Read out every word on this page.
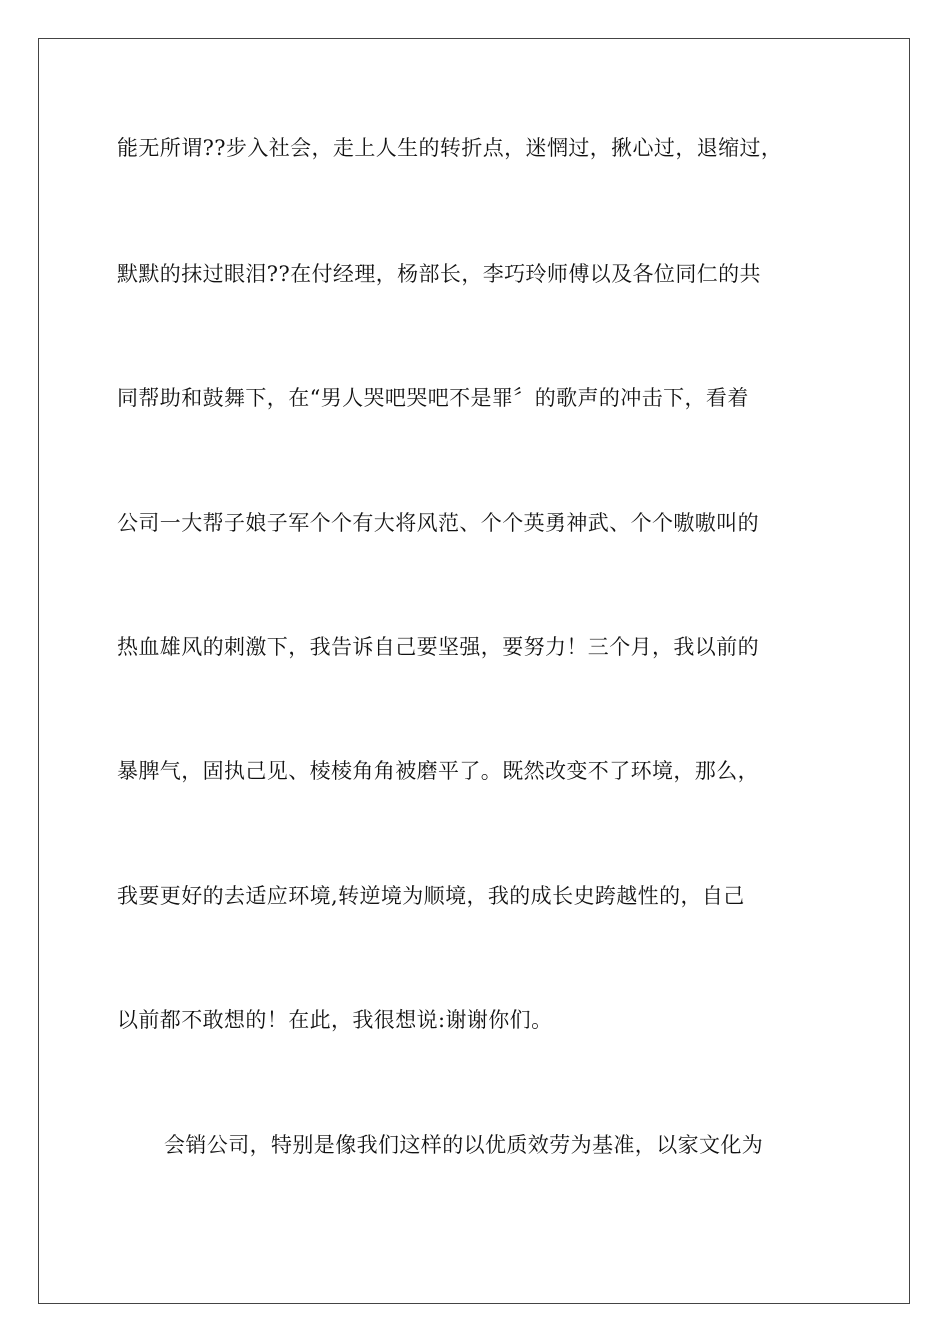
能无所谓??步入社会，走上人生的转折点，迷惘过，揪心过，退缩过，
默默的抹过眼泪??在付经理，杨部长，李巧玲师傅以及各位同仁的共
同帮助和鼓舞下，在“男人哭吧哭吧不是罪〞的歌声的冲击下，看着
公司一大帮子娘子军个个有大将风范、个个英勇神武、个个嗷嗷叫的
热血雄风的刺激下，我告诉自己要坚强，要努力！三个月，我以前的
暴脾气，固执己见、棱棱角角被磨平了。既然改变不了环境，那么，
我要更好的去适应环境,转逆境为顺境，我的成长史跨越性的，自己
以前都不敢想的！在此，我很想说:谢谢你们。
会销公司，特别是像我们这样的以优质效劳为基准，以家文化为
